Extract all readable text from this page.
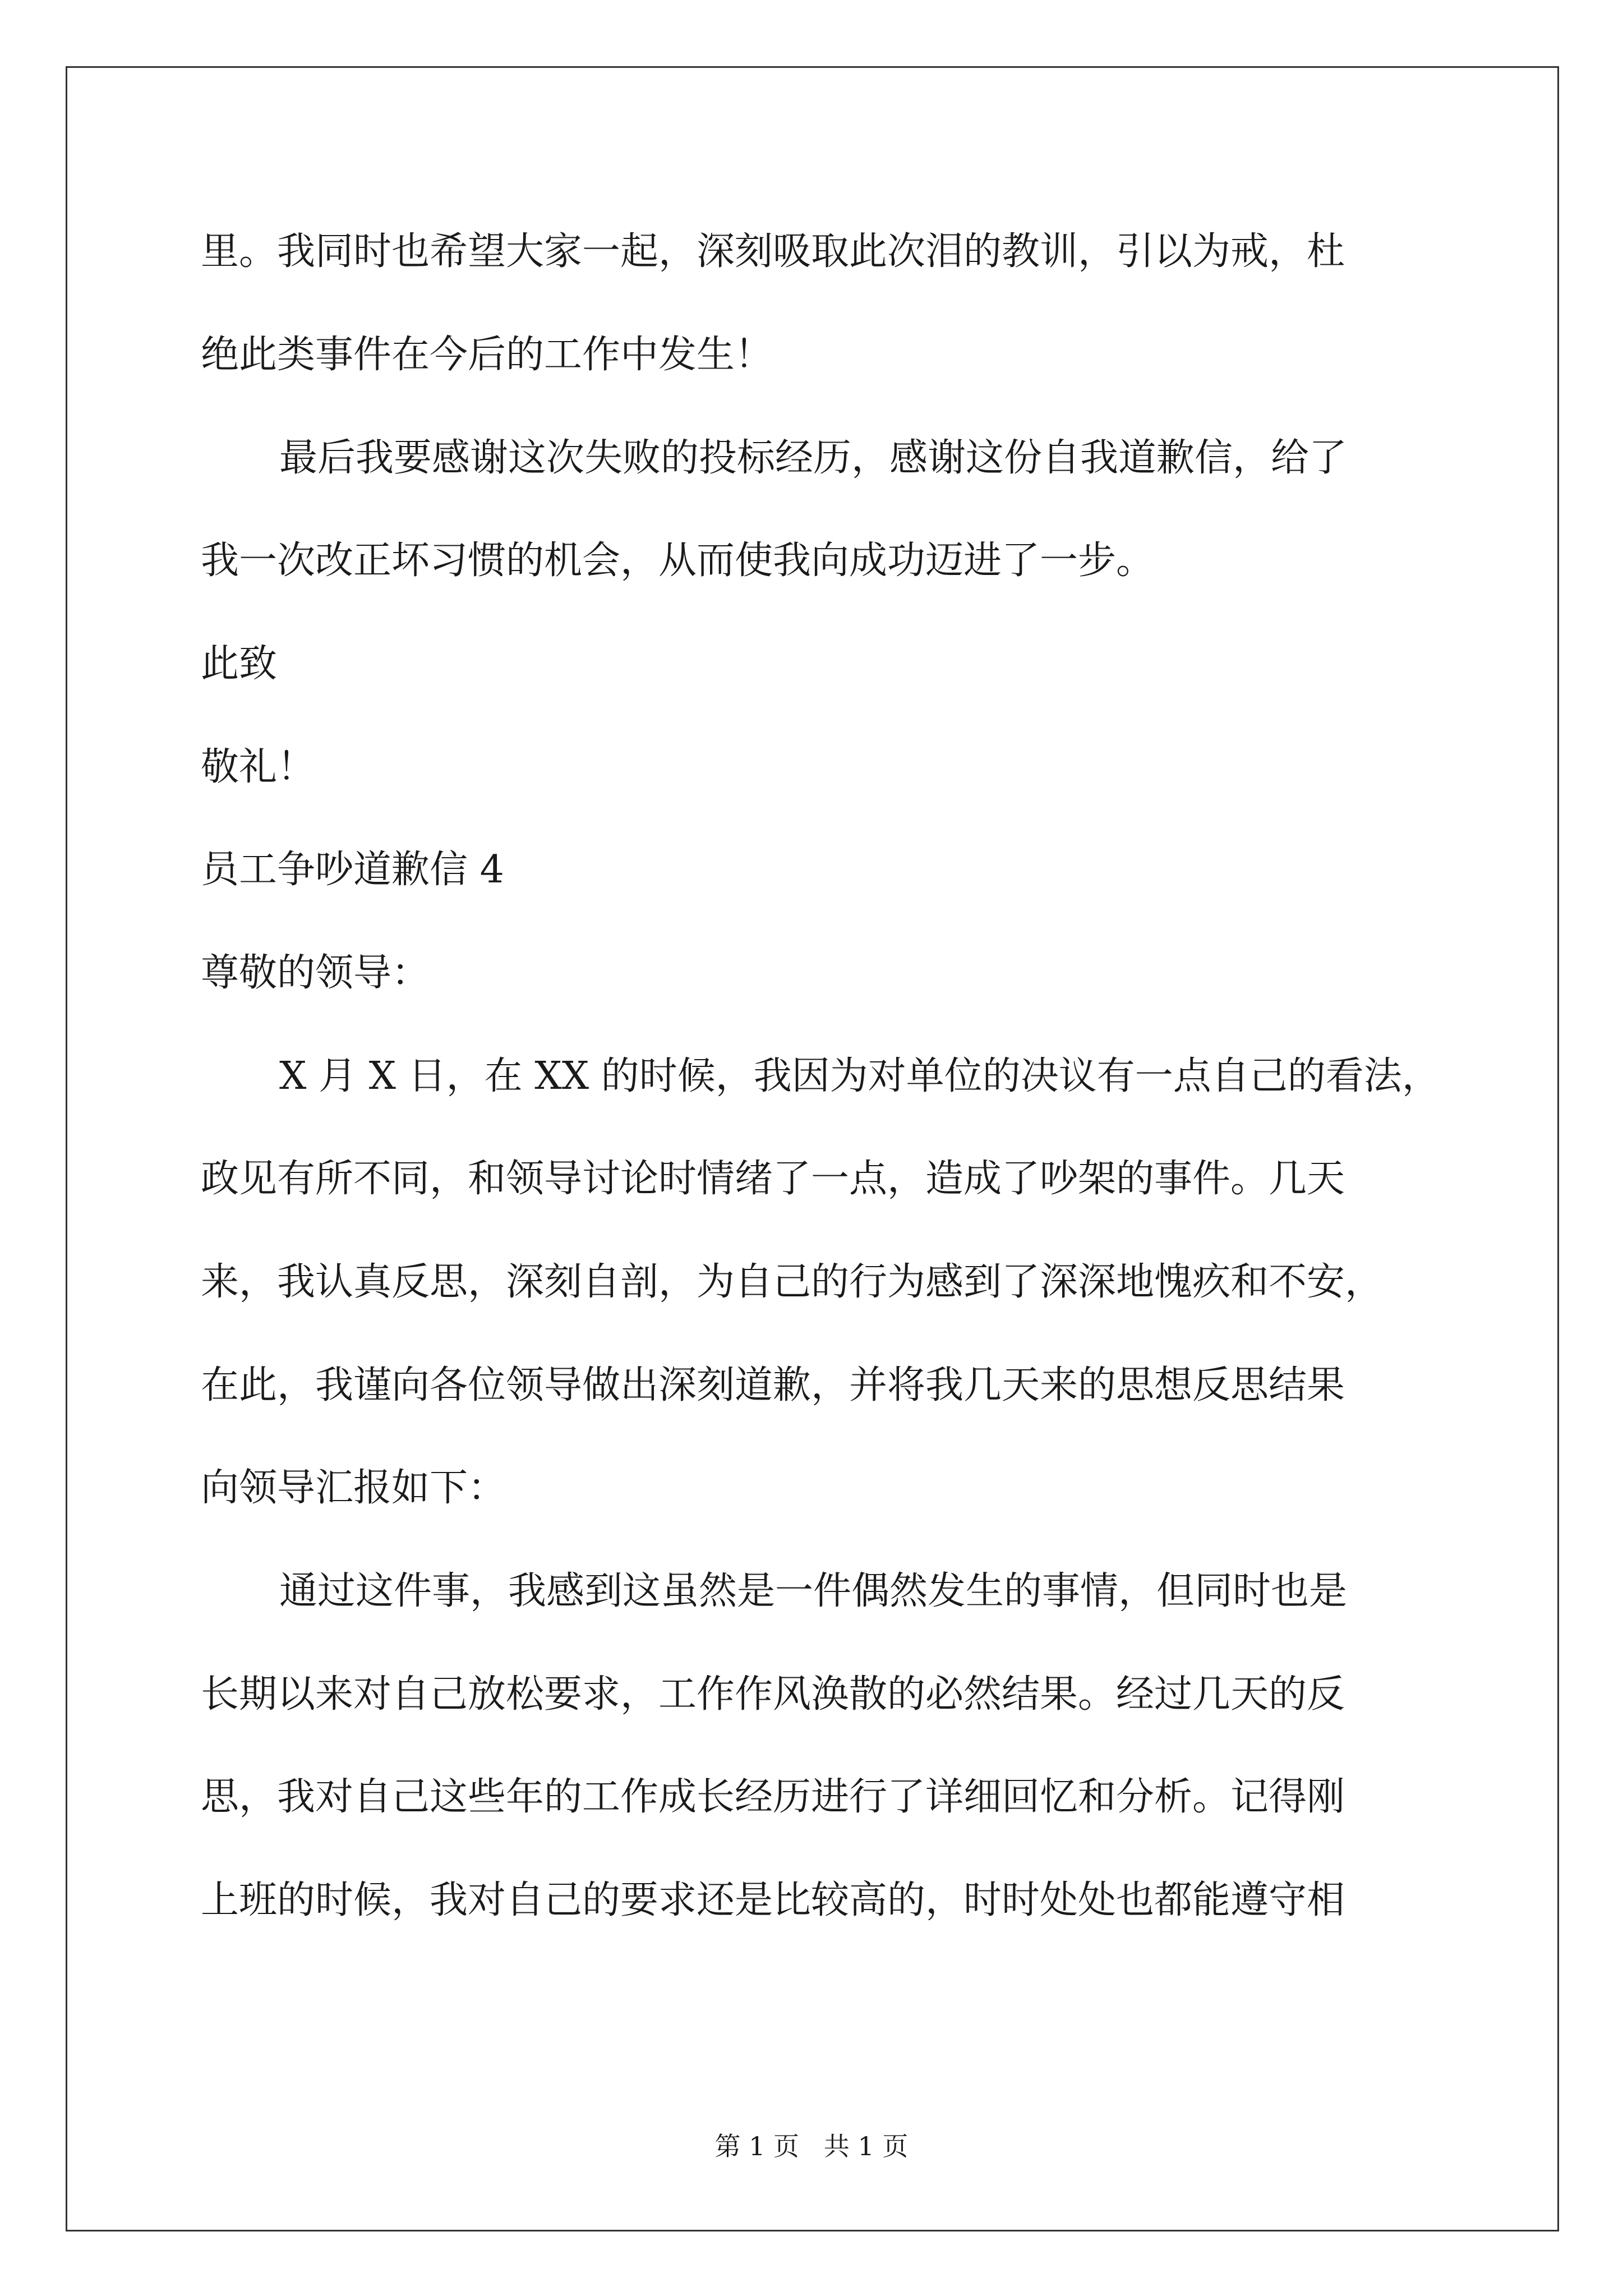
里。我同时也希望大家一起，深刻吸取此次泪的教训，引以为戒，杜
绝此类事件在今后的工作中发生！
最后我要感谢这次失败的投标经历，感谢这份自我道歉信，给了
我一次改正坏习惯的机会，从而使我向成功迈进了一步。
此致
敬礼！
员工争吵道歉信 4
尊敬的领导：
X 月 X 日，在 XX 的时候，我因为对单位的决议有一点自己的看法，
政见有所不同，和领导讨论时情绪了一点，造成了吵架的事件。几天
来，我认真反思，深刻自剖，为自己的行为感到了深深地愧疚和不安，
在此，我谨向各位领导做出深刻道歉，并将我几天来的思想反思结果
向领导汇报如下：
通过这件事，我感到这虽然是一件偶然发生的事情，但同时也是
长期以来对自己放松要求，工作作风涣散的必然结果。经过几天的反
思，我对自己这些年的工作成长经历进行了详细回忆和分析。记得刚
上班的时候，我对自己的要求还是比较高的，时时处处也都能遵守相
第 1 页   共 1 页
